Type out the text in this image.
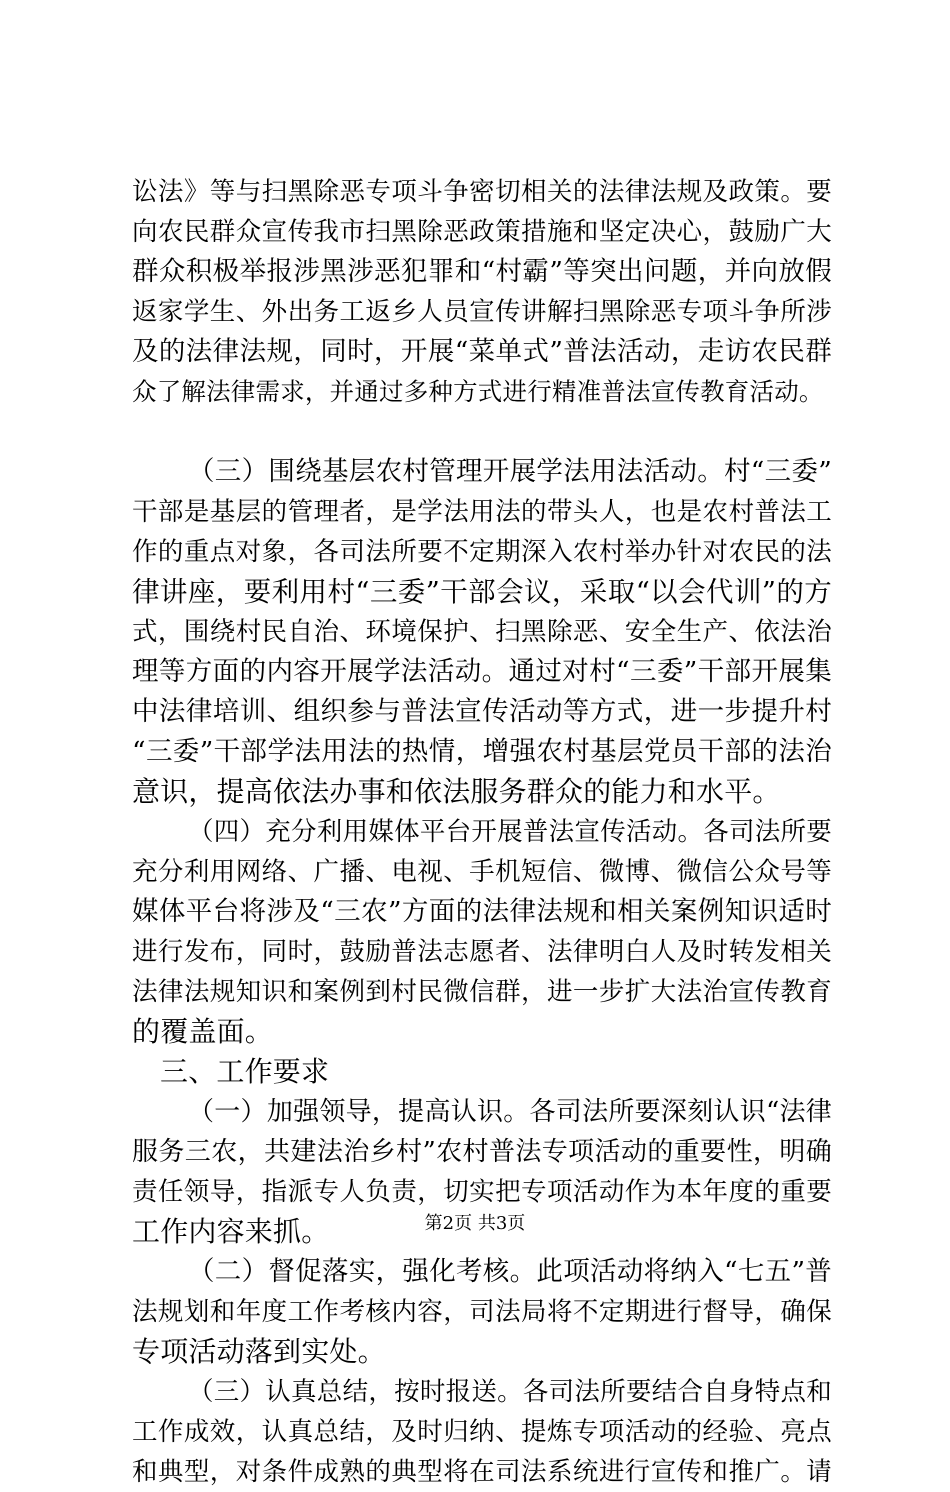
讼法》等与扫黑除恶专项斗争密切相关的法律法规及政策。要
向农民群众宣传我市扫黑除恶政策措施和坚定决心，鼓励广大
群众积极举报涉黑涉恶犯罪和“村霸”等突出问题，并向放假
返家学生、外出务工返乡人员宣传讲解扫黑除恶专项斗争所涉
及的法律法规，同时，开展“菜单式”普法活动，走访农民群
众了解法律需求，并通过多种方式进行精准普法宣传教育活动。
（三）围绕基层农村管理开展学法用法活动。村“三委”
干部是基层的管理者，是学法用法的带头人，也是农村普法工
作的重点对象，各司法所要不定期深入农村举办针对农民的法
律讲座，要利用村“三委”干部会议，采取“以会代训”的方
式，围绕村民自治、环境保护、扫黑除恶、安全生产、依法治
理等方面的内容开展学法活动。通过对村“三委”干部开展集
中法律培训、组织参与普法宣传活动等方式，进一步提升村
“三委”干部学法用法的热情，增强农村基层党员干部的法治
意识，提高依法办事和依法服务群众的能力和水平。
（四）充分利用媒体平台开展普法宣传活动。各司法所要
充分利用网络、广播、电视、手机短信、微博、微信公众号等
媒体平台将涉及“三农”方面的法律法规和相关案例知识适时
进行发布，同时，鼓励普法志愿者、法律明白人及时转发相关
法律法规知识和案例到村民微信群，进一步扩大法治宣传教育
的覆盖面。
三、工作要求
（一）加强领导，提高认识。各司法所要深刻认识“法律
服务三农，共建法治乡村”农村普法专项活动的重要性，明确
责任领导，指派专人负责，切实把专项活动作为本年度的重要
工作内容来抓。
（二）督促落实，强化考核。此项活动将纳入“七五”普
法规划和年度工作考核内容，司法局将不定期进行督导，确保
专项活动落到实处。
（三）认真总结，按时报送。各司法所要结合自身特点和
工作成效，认真总结，及时归纳、提炼专项活动的经验、亮点
和典型，对条件成熟的典型将在司法系统进行宣传和推广。请
第2页 共3页
